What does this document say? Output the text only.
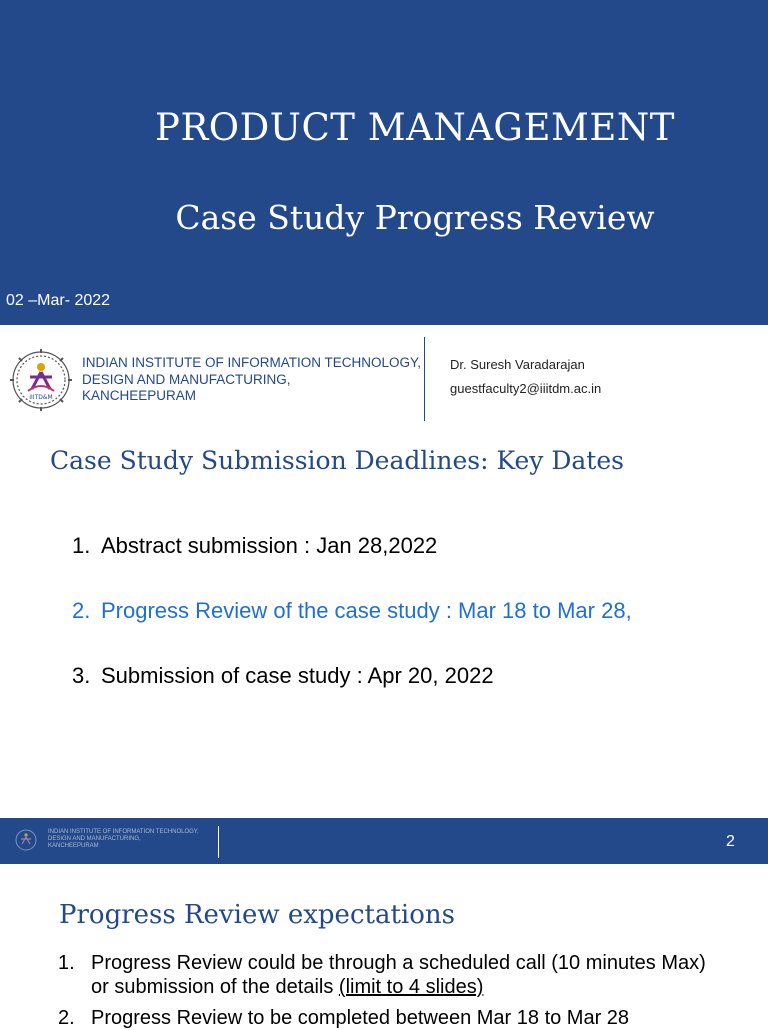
PRODUCT MANAGEMENT
Case Study Progress Review
02 –Mar- 2022
IIITD&M
INDIAN INSTITUTE OF INFORMATION TECHNOLOGY,
DESIGN AND MANUFACTURING,
KANCHEEPURAM
Dr. Suresh Varadarajan
guestfaculty2@iiitdm.ac.in
Case Study Submission Deadlines: Key Dates
1. Abstract submission : Jan 28,2022
2. Progress Review of the case study : Mar 18 to Mar 28,
3. Submission of case study : Apr 20, 2022
INDIAN INSTITUTE OF INFORMATION TECHNOLOGY,
DESIGN AND MANUFACTURING,
KANCHEEPURAM	2
Progress Review expectations
1. Progress Review could be through a scheduled call (10 minutes Max) or submission of the details (limit to 4 slides)
2. Progress Review to be completed between Mar 18 to Mar 28
